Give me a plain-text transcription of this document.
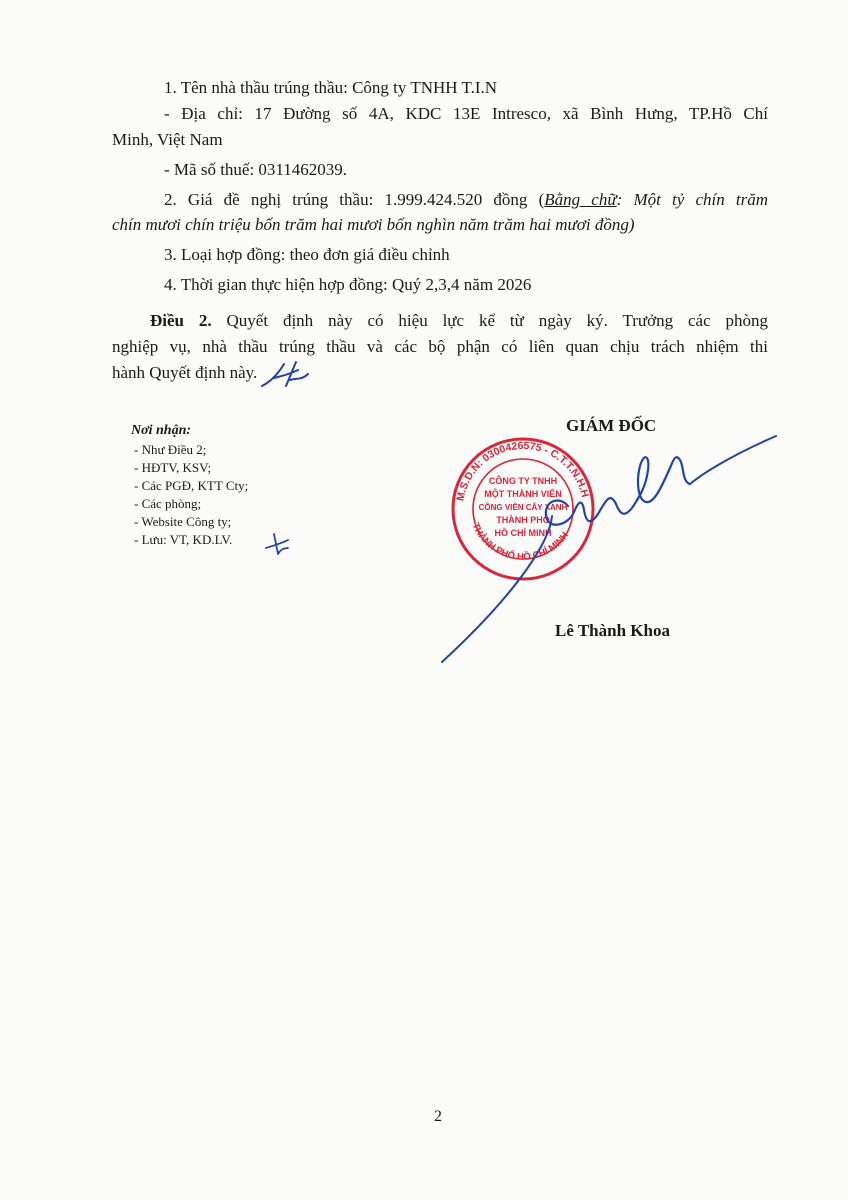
1. Tên nhà thầu trúng thầu: Công ty TNHH T.I.N
- Địa chỉ: 17 Đường số 4A, KDC 13E Intresco, xã Bình Hưng, TP.Hồ Chí
Minh, Việt Nam
- Mã số thuế: 0311462039.
2. Giá đề nghị trúng thầu: 1.999.424.520 đồng (Bằng chữ: Một tỷ chín trăm
chín mươi chín triệu bốn trăm hai mươi bốn nghìn năm trăm hai mươi đồng)
3. Loại hợp đồng: theo đơn giá điều chỉnh
4. Thời gian thực hiện hợp đồng: Quý 2,3,4 năm 2026
Điều 2. Quyết định này có hiệu lực kể từ ngày ký. Trưởng các phòng
nghiệp vụ, nhà thầu trúng thầu và các bộ phận có liên quan chịu trách nhiệm thi
hành Quyết định này.
Nơi nhận:
- Như Điều 2;
- HĐTV, KSV;
- Các PGĐ, KTT Cty;
- Các phòng;
- Website Công ty;
- Lưu: VT, KD.LV.
GIÁM ĐỐC
M.S.D.N: 0300426575 - C.T.T.N.H.H
THÀNH PHỐ HỒ CHÍ MINH
CÔNG TY TNHH
MỘT THÀNH VIÊN
CÔNG VIÊN CÂY XANH
THÀNH PHỐ
HỒ CHÍ MINH
Lê Thành Khoa
2
